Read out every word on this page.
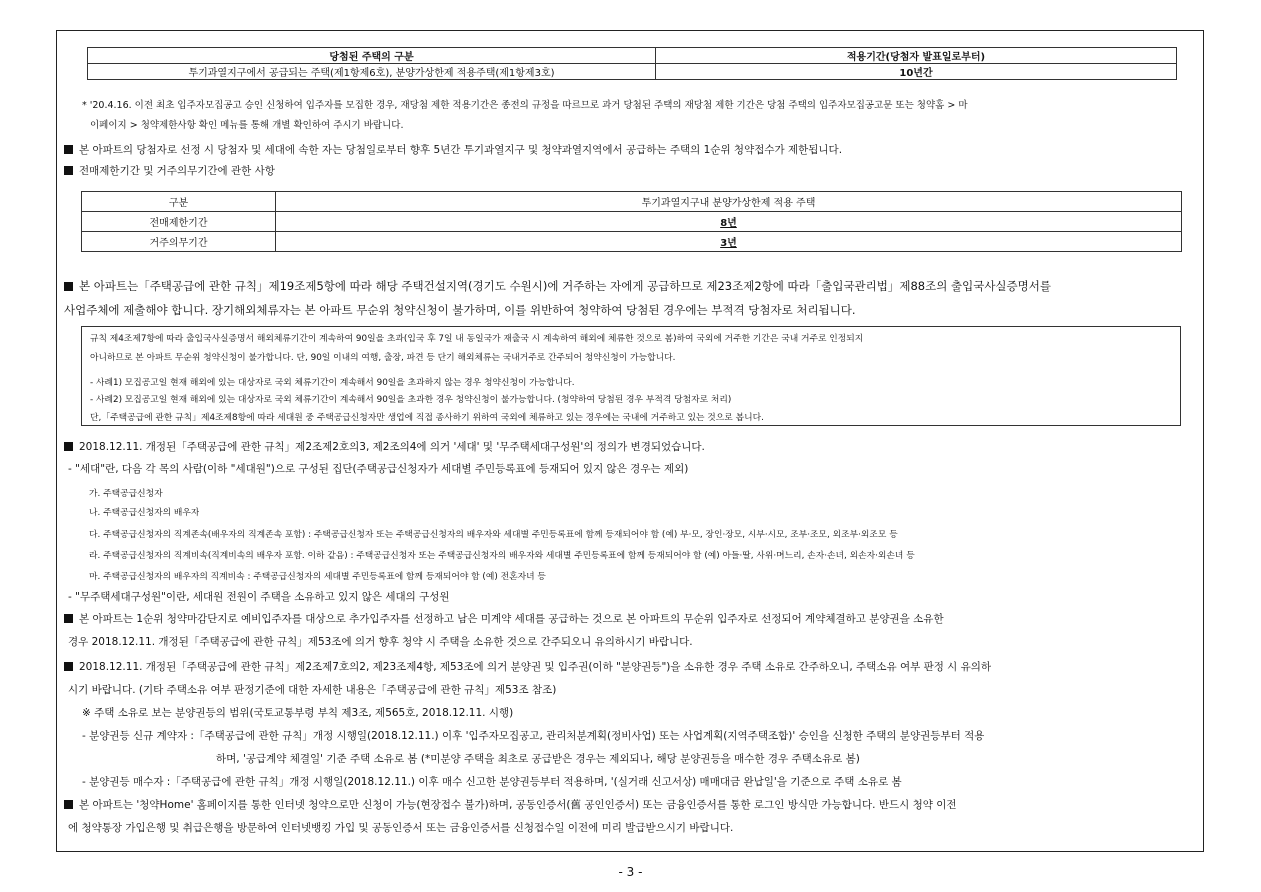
당첨된 주택의 구분	적용기간(당첨자 발표일로부터)
투기과열지구에서 공급되는 주택(제1항제6호), 분양가상한제 적용주택(제1항제3호)	10년간
* '20.4.16. 이전 최초 입주자모집공고 승인 신청하여 입주자를 모집한 경우, 재당첨 제한 적용기간은 종전의 규정을 따르므로 과거 당첨된 주택의 재당첨 제한 기간은 당첨 주택의 입주자모집공고문 또는 청약홈 > 마
이페이지 > 청약제한사항 확인 메뉴를 통해 개별 확인하여 주시기 바랍니다.
본 아파트의 당첨자로 선정 시 당첨자 및 세대에 속한 자는 당첨일로부터 향후 5년간 투기과열지구 및 청약과열지역에서 공급하는 주택의 1순위 청약접수가 제한됩니다.
전매제한기간 및 거주의무기간에 관한 사항
구분	투기과열지구내 분양가상한제 적용 주택
전매제한기간	8년
거주의무기간	3년
본 아파트는「주택공급에 관한 규칙」제19조제5항에 따라 해당 주택건설지역(경기도 수원시)에 거주하는 자에게 공급하므로 제23조제2항에 따라「출입국관리법」제88조의 출입국사실증명서를
사업주체에 제출해야 합니다. 장기해외체류자는 본 아파트 무순위 청약신청이 불가하며, 이를 위반하여 청약하여 당첨된 경우에는 부적격 당첨자로 처리됩니다.
규칙 제4조제7항에 따라 출입국사실증명서 해외체류기간이 계속하여 90일을 초과(입국 후 7일 내 동일국가 재출국 시 계속하여 해외에 체류한 것으로 봄)하여 국외에 거주한 기간은 국내 거주로 인정되지
아니하므로 본 아파트 무순위 청약신청이 불가합니다. 단, 90일 이내의 여행, 출장, 파견 등 단기 해외체류는 국내거주로 간주되어 청약신청이 가능합니다.
- 사례1) 모집공고일 현재 해외에 있는 대상자로 국외 체류기간이 계속해서 90일을 초과하지 않는 경우 청약신청이 가능합니다.
- 사례2) 모집공고일 현재 해외에 있는 대상자로 국외 체류기간이 계속해서 90일을 초과한 경우 청약신청이 불가능합니다. (청약하여 당첨된 경우 부적격 당첨자로 처리)
단,「주택공급에 관한 규칙」제4조제8항에 따라 세대원 중 주택공급신청자만 생업에 직접 종사하기 위하여 국외에 체류하고 있는 경우에는 국내에 거주하고 있는 것으로 봅니다.
2018.12.11. 개정된「주택공급에 관한 규칙」제2조제2호의3, 제2조의4에 의거 '세대' 및 '무주택세대구성원'의 정의가 변경되었습니다.
- "세대"란, 다음 각 목의 사람(이하 "세대원")으로 구성된 집단(주택공급신청자가 세대별 주민등록표에 등재되어 있지 않은 경우는 제외)
가. 주택공급신청자
나. 주택공급신청자의 배우자
다. 주택공급신청자의 직계존속(배우자의 직계존속 포함) : 주택공급신청자 또는 주택공급신청자의 배우자와 세대별 주민등록표에 함께 등재되어야 함 (예) 부·모, 장인·장모, 시부·시모, 조부·조모, 외조부·외조모 등
라. 주택공급신청자의 직계비속(직계비속의 배우자 포함. 이하 같음) : 주택공급신청자 또는 주택공급신청자의 배우자와 세대별 주민등록표에 함께 등재되어야 함 (예) 아들·딸, 사위·며느리, 손자·손녀, 외손자·외손녀 등
마. 주택공급신청자의 배우자의 직계비속 : 주택공급신청자의 세대별 주민등록표에 함께 등재되어야 함 (예) 전혼자녀 등
- "무주택세대구성원"이란, 세대원 전원이 주택을 소유하고 있지 않은 세대의 구성원
본 아파트는 1순위 청약마감단지로 예비입주자를 대상으로 추가입주자를 선정하고 남은 미계약 세대를 공급하는 것으로 본 아파트의 무순위 입주자로 선정되어 계약체결하고 분양권을 소유한
경우 2018.12.11. 개정된「주택공급에 관한 규칙」제53조에 의거 향후 청약 시 주택을 소유한 것으로 간주되오니 유의하시기 바랍니다.
2018.12.11. 개정된「주택공급에 관한 규칙」제2조제7호의2, 제23조제4항, 제53조에 의거 분양권 및 입주권(이하 "분양권등")을 소유한 경우 주택 소유로 간주하오니, 주택소유 여부 판정 시 유의하
시기 바랍니다. (기타 주택소유 여부 판정기준에 대한 자세한 내용은「주택공급에 관한 규칙」제53조 참조)
※ 주택 소유로 보는 분양권등의 범위(국토교통부령 부칙 제3조, 제565호, 2018.12.11. 시행)
- 분양권등 신규 계약자 :「주택공급에 관한 규칙」개정 시행일(2018.12.11.) 이후 '입주자모집공고, 관리처분계획(정비사업) 또는 사업계획(지역주택조합)' 승인을 신청한 주택의 분양권등부터 적용
하며, '공급계약 체결일' 기준 주택 소유로 봄 (*미분양 주택을 최초로 공급받은 경우는 제외되나, 해당 분양권등을 매수한 경우 주택소유로 봄)
- 분양권등 매수자 :「주택공급에 관한 규칙」개정 시행일(2018.12.11.) 이후 매수 신고한 분양권등부터 적용하며, '(실거래 신고서상) 매매대금 완납일'을 기준으로 주택 소유로 봄
본 아파트는 '청약Home' 홈페이지를 통한 인터넷 청약으로만 신청이 가능(현장접수 불가)하며, 공동인증서(舊 공인인증서) 또는 금융인증서를 통한 로그인 방식만 가능합니다. 반드시 청약 이전
에 청약통장 가입은행 및 취급은행을 방문하여 인터넷뱅킹 가입 및 공동인증서 또는 금융인증서를 신청접수일 이전에 미리 발급받으시기 바랍니다.
- 3 -
